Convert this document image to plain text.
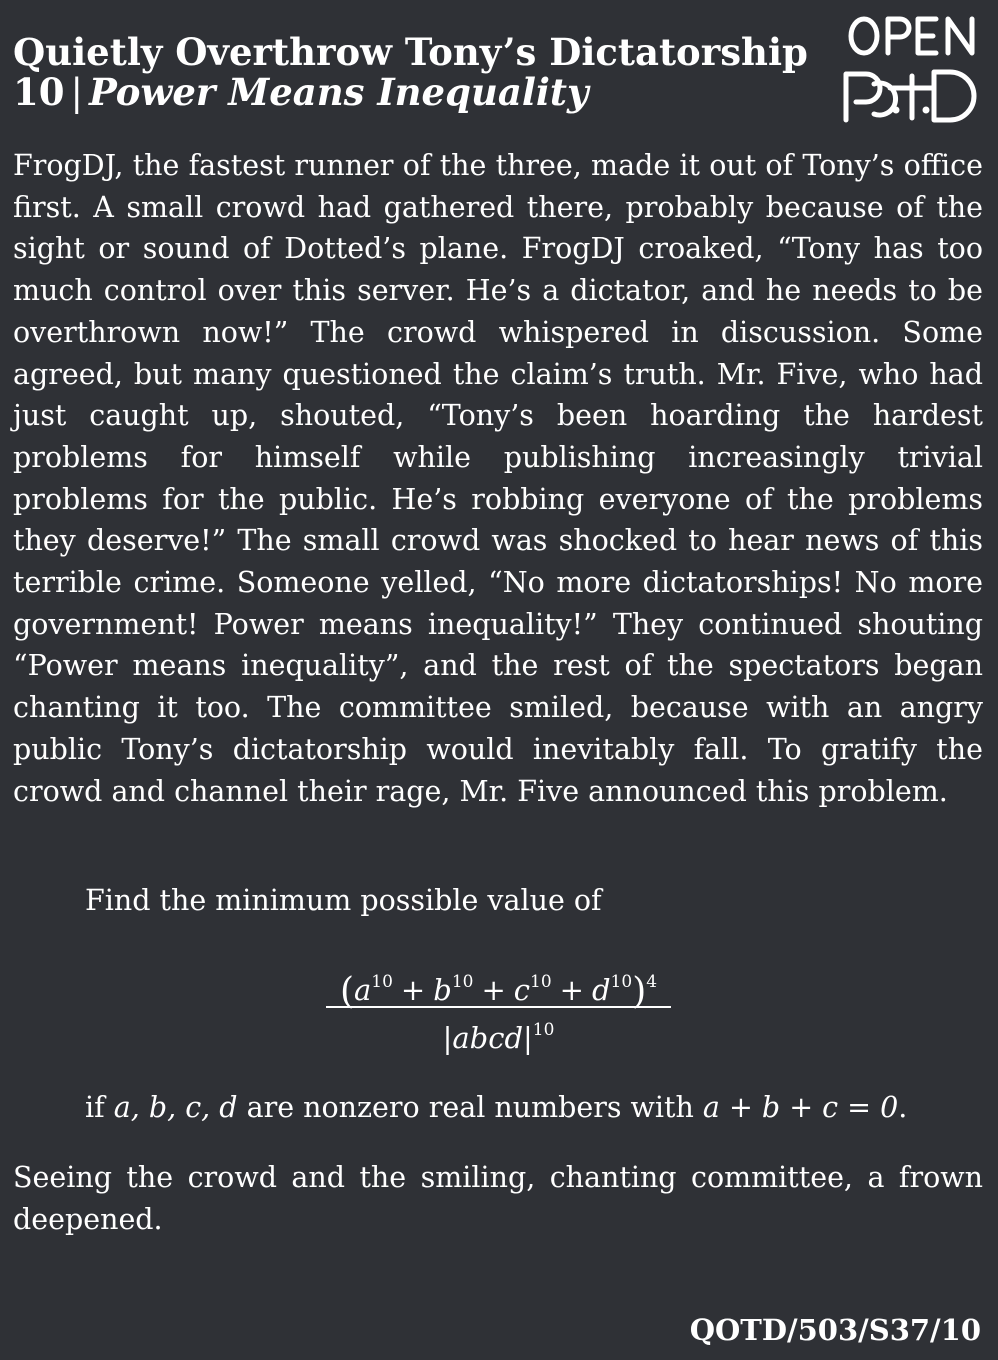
Quietly Overthrow Tony’s Dictatorship
10 | Power Means Inequality

FrogDJ, the fastest runner of the three, made it out of Tony’s office first. A small crowd had gathered there, probably because of the sight or sound of Dotted’s plane. FrogDJ croaked, “Tony has too much control over this server. He’s a dictator, and he needs to be overthrown now!” The crowd whispered in discussion. Some agreed, but many questioned the claim’s truth. Mr. Five, who had just caught up, shouted, “Tony’s been hoarding the hardest problems for himself while publishing increasingly trivial problems for the public. He’s robbing everyone of the problems they deserve!” The small crowd was shocked to hear news of this terrible crime. Someone yelled, “No more dictatorships! No more government! Power means inequality!” They continued shouting “Power means inequality”, and the rest of the spectators began chanting it too. The committee smiled, because with an angry public Tony’s dictatorship would inevitably fall. To gratify the crowd and channel their rage, Mr. Five announced this problem.

Find the minimum possible value of

$(a^{10} + b^{10} + c^{10} + d^{10})^4$
$|abcd|^{10}$
if a, b, c, d are nonzero real numbers with a + b + c = 0.

Seeing the crowd and the smiling, chanting committee, a frown deepened.

QOTD/503/S37/10
